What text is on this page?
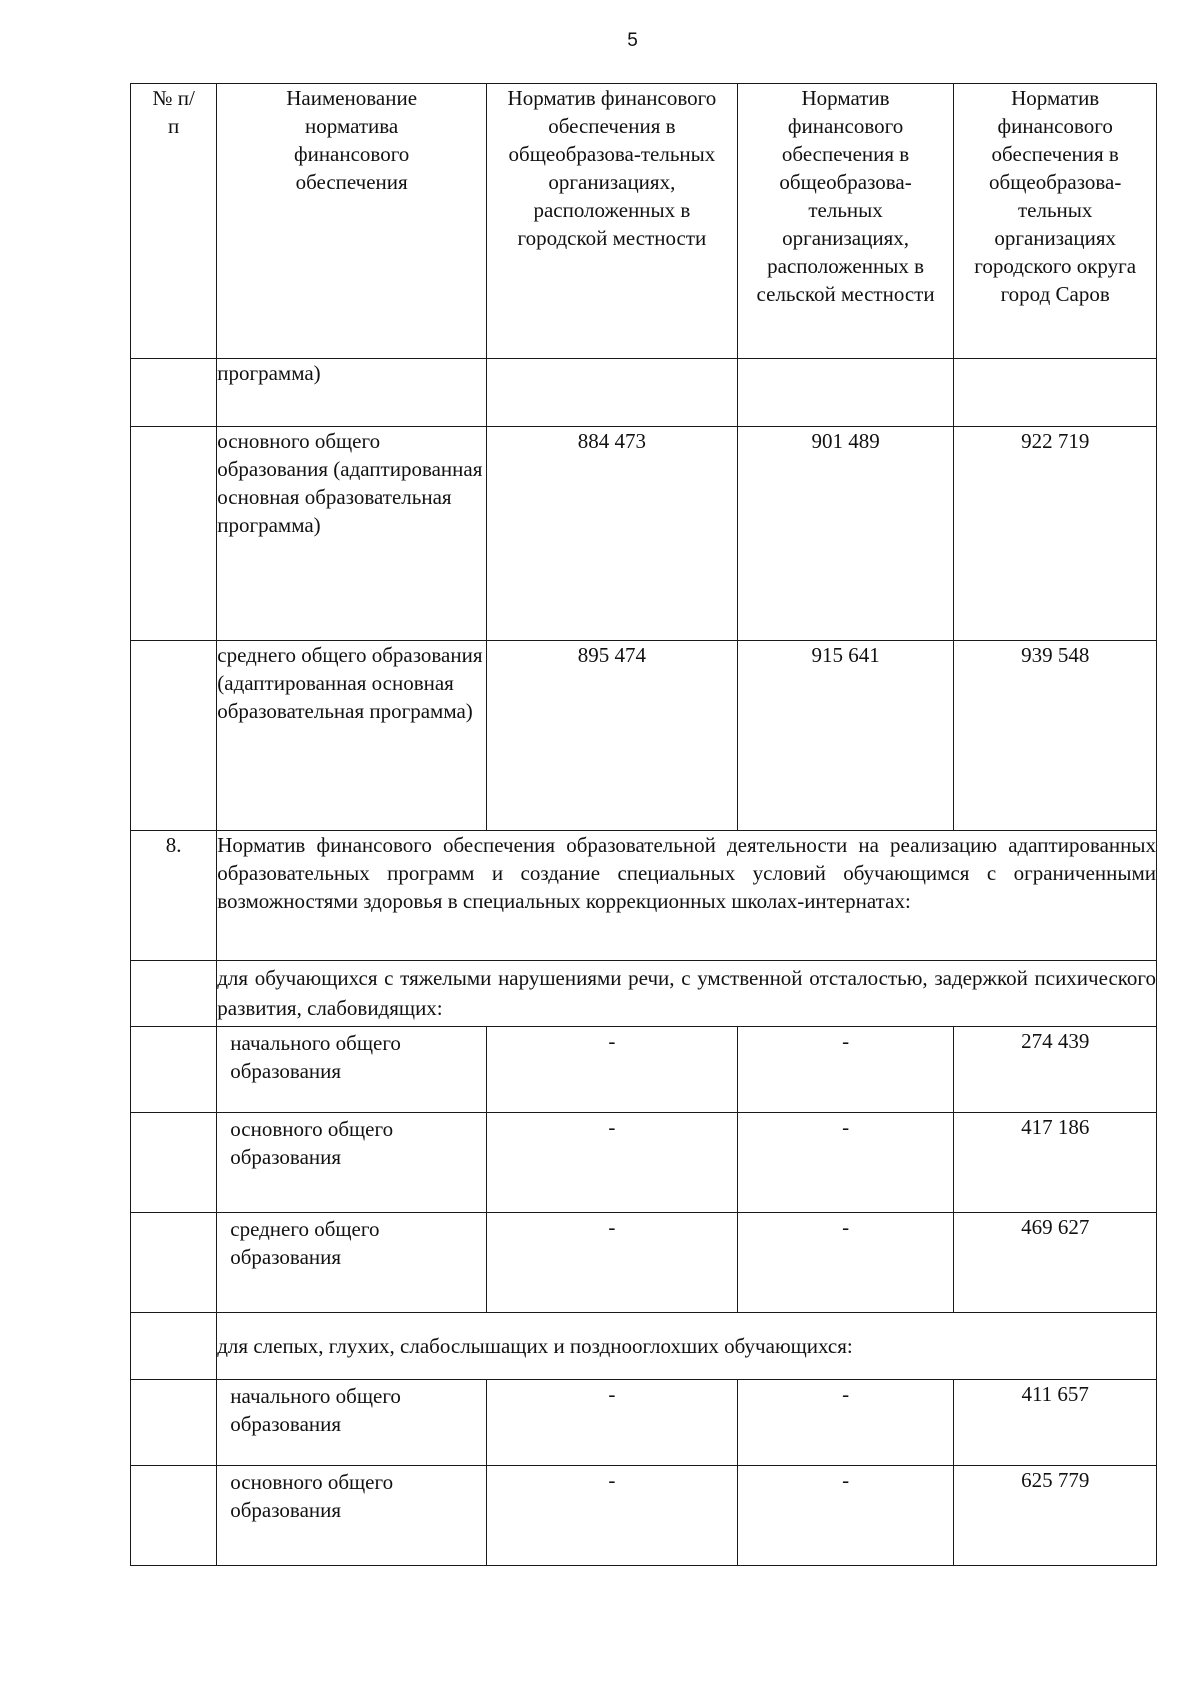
5
№ п/п	Наименование норматива финансового обеспечения	Норматив финансового обеспечения в общеобразова-тельных организациях, расположенных в городской местности	Норматив финансового обеспечения в общеобразова-тельных организациях, расположенных в сельской местности	Норматив финансового обеспечения в общеобразова-тельных организациях городского округа город Саров
	программа)			
	основного общего образования (адаптированная основная образовательная программа)	884 473	901 489	922 719
	среднего общего образования (адаптированная основная образовательная программа)	895 474	915 641	939 548
8.	Норматив финансового обеспечения образовательной деятельности на реализацию адаптированных образовательных программ и создание специальных условий обучающимся с ограниченными возможностями здоровья в специальных коррекционных школах-интернатах:			
	для обучающихся с тяжелыми нарушениями речи, с умственной отсталостью, задержкой психического развития, слабовидящих:			
	начального общего образования	-	-	274 439
	основного общего образования	-	-	417 186
	среднего общего образования	-	-	469 627
	для слепых, глухих, слабослышащих и позднооглохших обучающихся:			
	начального общего образования	-	-	411 657
	основного общего образования	-	-	625 779
